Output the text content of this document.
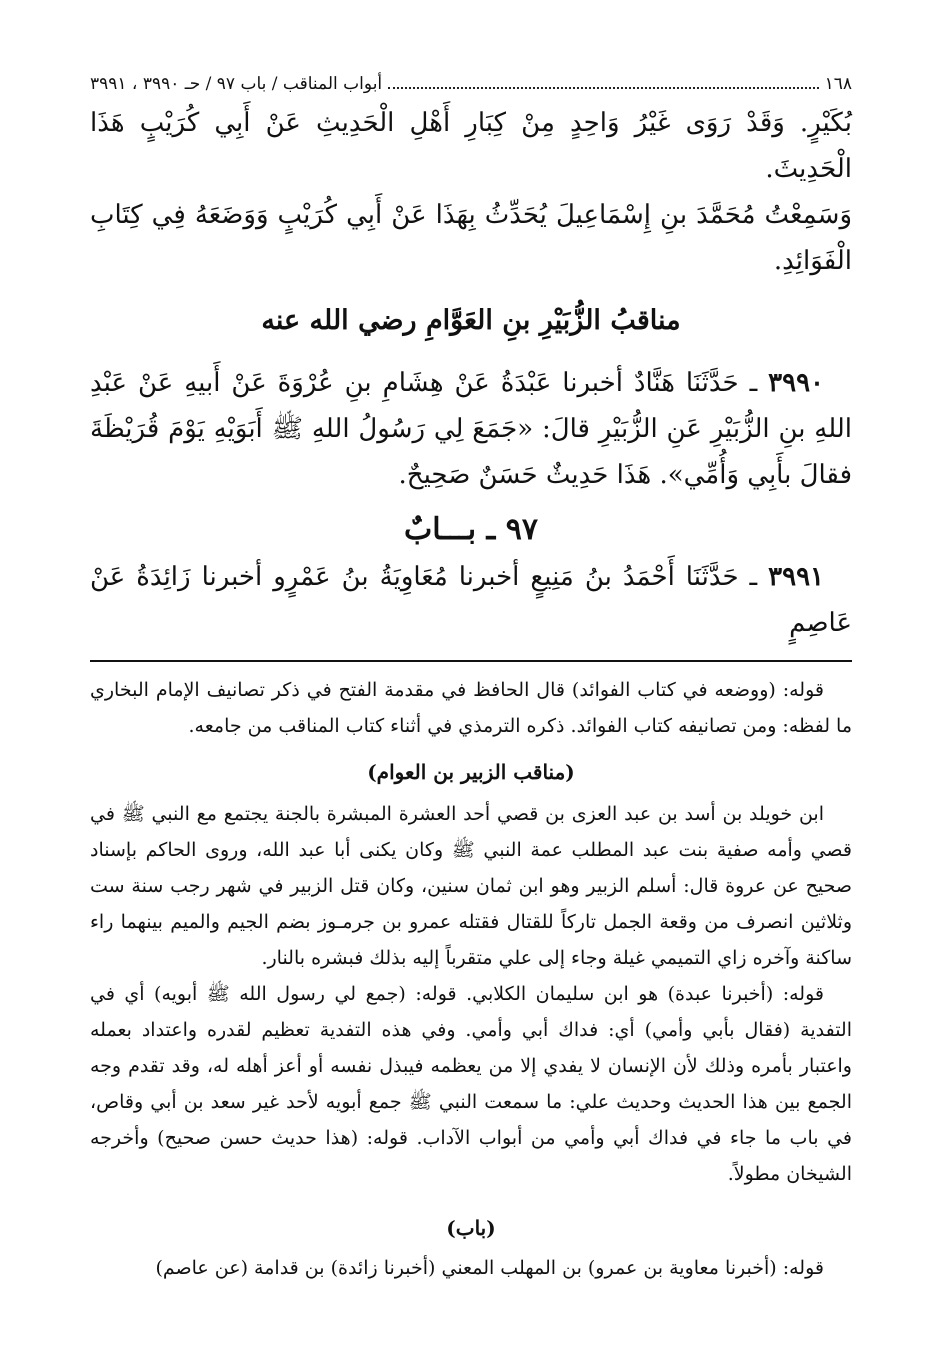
١٦٨
أبواب المناقب / باب ٩٧ / حـ ٣٩٩٠ ، ٣٩٩١

بُكَيْرٍ. وَقَدْ رَوَى غَيْرُ وَاحِدٍ مِنْ كِبَارِ أَهْلِ الْحَدِيثِ عَنْ أَبِي كُرَيْبٍ هَذَا الْحَدِيثَ.

وَسَمِعْتُ مُحَمَّدَ بنِ إِسْمَاعِيلَ يُحَدِّثُ بِهَذَا عَنْ أَبِي كُرَيْبٍ وَوَضَعَهُ فِي كِتَابِ الْفَوَائِدِ.

مناقبُ الزُّبَيْرِ بنِ العَوَّامِ رضي الله عنه

٣٩٩٠ ـ حَدَّثَنَا هَنَّادٌ أخبرنا عَبْدَةُ عَنْ هِشَامِ بنِ عُرْوَةَ عَنْ أَبيهِ عَنْ عَبْدِ اللهِ بنِ الزُّبَيْرِ عَنِ الزُّبَيْرِ قالَ: «جَمَعَ لِي رَسُولُ اللهِ ﷺ أَبَوَيْهِ يَوْمَ قُرَيْظَةَ فقالَ بأَبِي وَأُمِّي». هَذَا حَدِيثٌ حَسَنٌ صَحِيحٌ.

٩٧ ـ بـــابٌ

٣٩٩١ ـ حَدَّثَنَا أَحْمَدُ بنُ مَنِيعٍ أخبرنا مُعَاوِيَةُ بنُ عَمْرٍو أخبرنا زَائِدَةُ عَنْ عَاصِمٍ

قوله: (ووضعه في كتاب الفوائد) قال الحافظ في مقدمة الفتح في ذكر تصانيف الإمام البخاري ما لفظه: ومن تصانيفه كتاب الفوائد. ذكره الترمذي في أثناء كتاب المناقب من جامعه.

(مناقب الزبير بن العوام)

ابن خويلد بن أسد بن عبد العزى بن قصي أحد العشرة المبشرة بالجنة يجتمع مع النبي ﷺ في قصي وأمه صفية بنت عبد المطلب عمة النبي ﷺ وكان يكنى أبا عبد الله، وروى الحاكم بإسناد صحيح عن عروة قال: أسلم الزبير وهو ابن ثمان سنين، وكان قتل الزبير في شهر رجب سنة ست وثلاثين انصرف من وقعة الجمل تاركاً للقتال فقتله عمرو بن جرمـوز بضم الجيم والميم بينهما راء ساكنة وآخره زاي التميمي غيلة وجاء إلى علي متقرباً إليه بذلك فبشره بالنار.

قوله: (أخبرنا عبدة) هو ابن سليمان الكلابي. قوله: (جمع لي رسول الله ﷺ أبويه) أي في التفدية (فقال بأبي وأمي) أي: فداك أبي وأمي. وفي هذه التفدية تعظيم لقدره واعتداد بعمله واعتبار بأمره وذلك لأن الإنسان لا يفدي إلا من يعظمه فيبذل نفسه أو أعز أهله له، وقد تقدم وجه الجمع بين هذا الحديث وحديث علي: ما سمعت النبي ﷺ جمع أبويه لأحد غير سعد بن أبي وقاص، في باب ما جاء في فداك أبي وأمي من أبواب الآداب. قوله: (هذا حديث حسن صحيح) وأخرجه الشيخان مطولاً.

(باب)

قوله: (أخبرنا معاوية بن عمرو) بن المهلب المعني (أخبرنا زائدة) بن قدامة (عن عاصم)
